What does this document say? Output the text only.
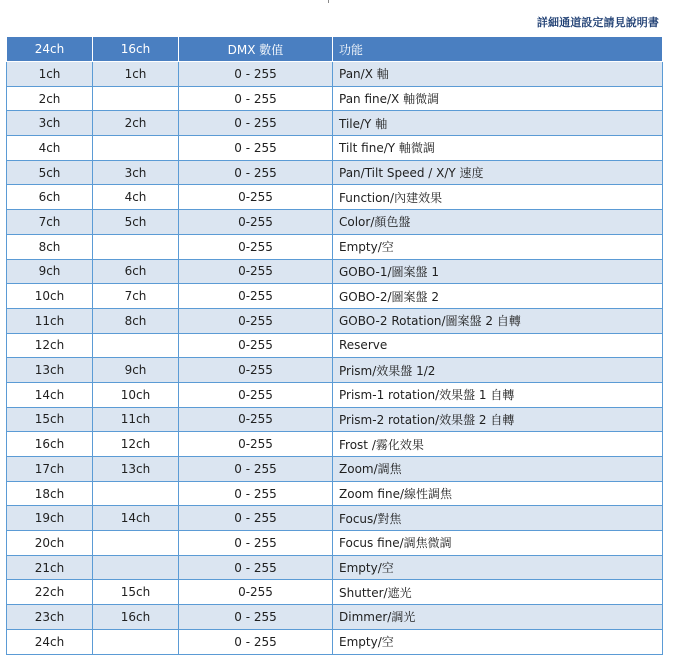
詳細通道設定請見說明書
24ch	16ch	DMX 數值	功能
1ch	1ch	0 - 255	Pan/X 軸
2ch		0 - 255	Pan fine/X 軸微調
3ch	2ch	0 - 255	Tile/Y 軸
4ch		0 - 255	Tilt fine/Y 軸微調
5ch	3ch	0 - 255	Pan/Tilt Speed / X/Y 速度
6ch	4ch	0-255	Function/內建效果
7ch	5ch	0-255	Color/顏色盤
8ch		0-255	Empty/空
9ch	6ch	0-255	GOBO-1/圖案盤 1
10ch	7ch	0-255	GOBO-2/圖案盤 2
11ch	8ch	0-255	GOBO-2 Rotation/圖案盤 2 自轉
12ch		0-255	Reserve
13ch	9ch	0-255	Prism/效果盤 1/2
14ch	10ch	0-255	Prism-1 rotation/效果盤 1 自轉
15ch	11ch	0-255	Prism-2 rotation/效果盤 2 自轉
16ch	12ch	0-255	Frost /霧化效果
17ch	13ch	0 - 255	Zoom/調焦
18ch		0 - 255	Zoom fine/線性調焦
19ch	14ch	0 - 255	Focus/對焦
20ch		0 - 255	Focus fine/調焦微調
21ch		0 - 255	Empty/空
22ch	15ch	0-255	Shutter/遮光
23ch	16ch	0 - 255	Dimmer/調光
24ch		0 - 255	Empty/空
